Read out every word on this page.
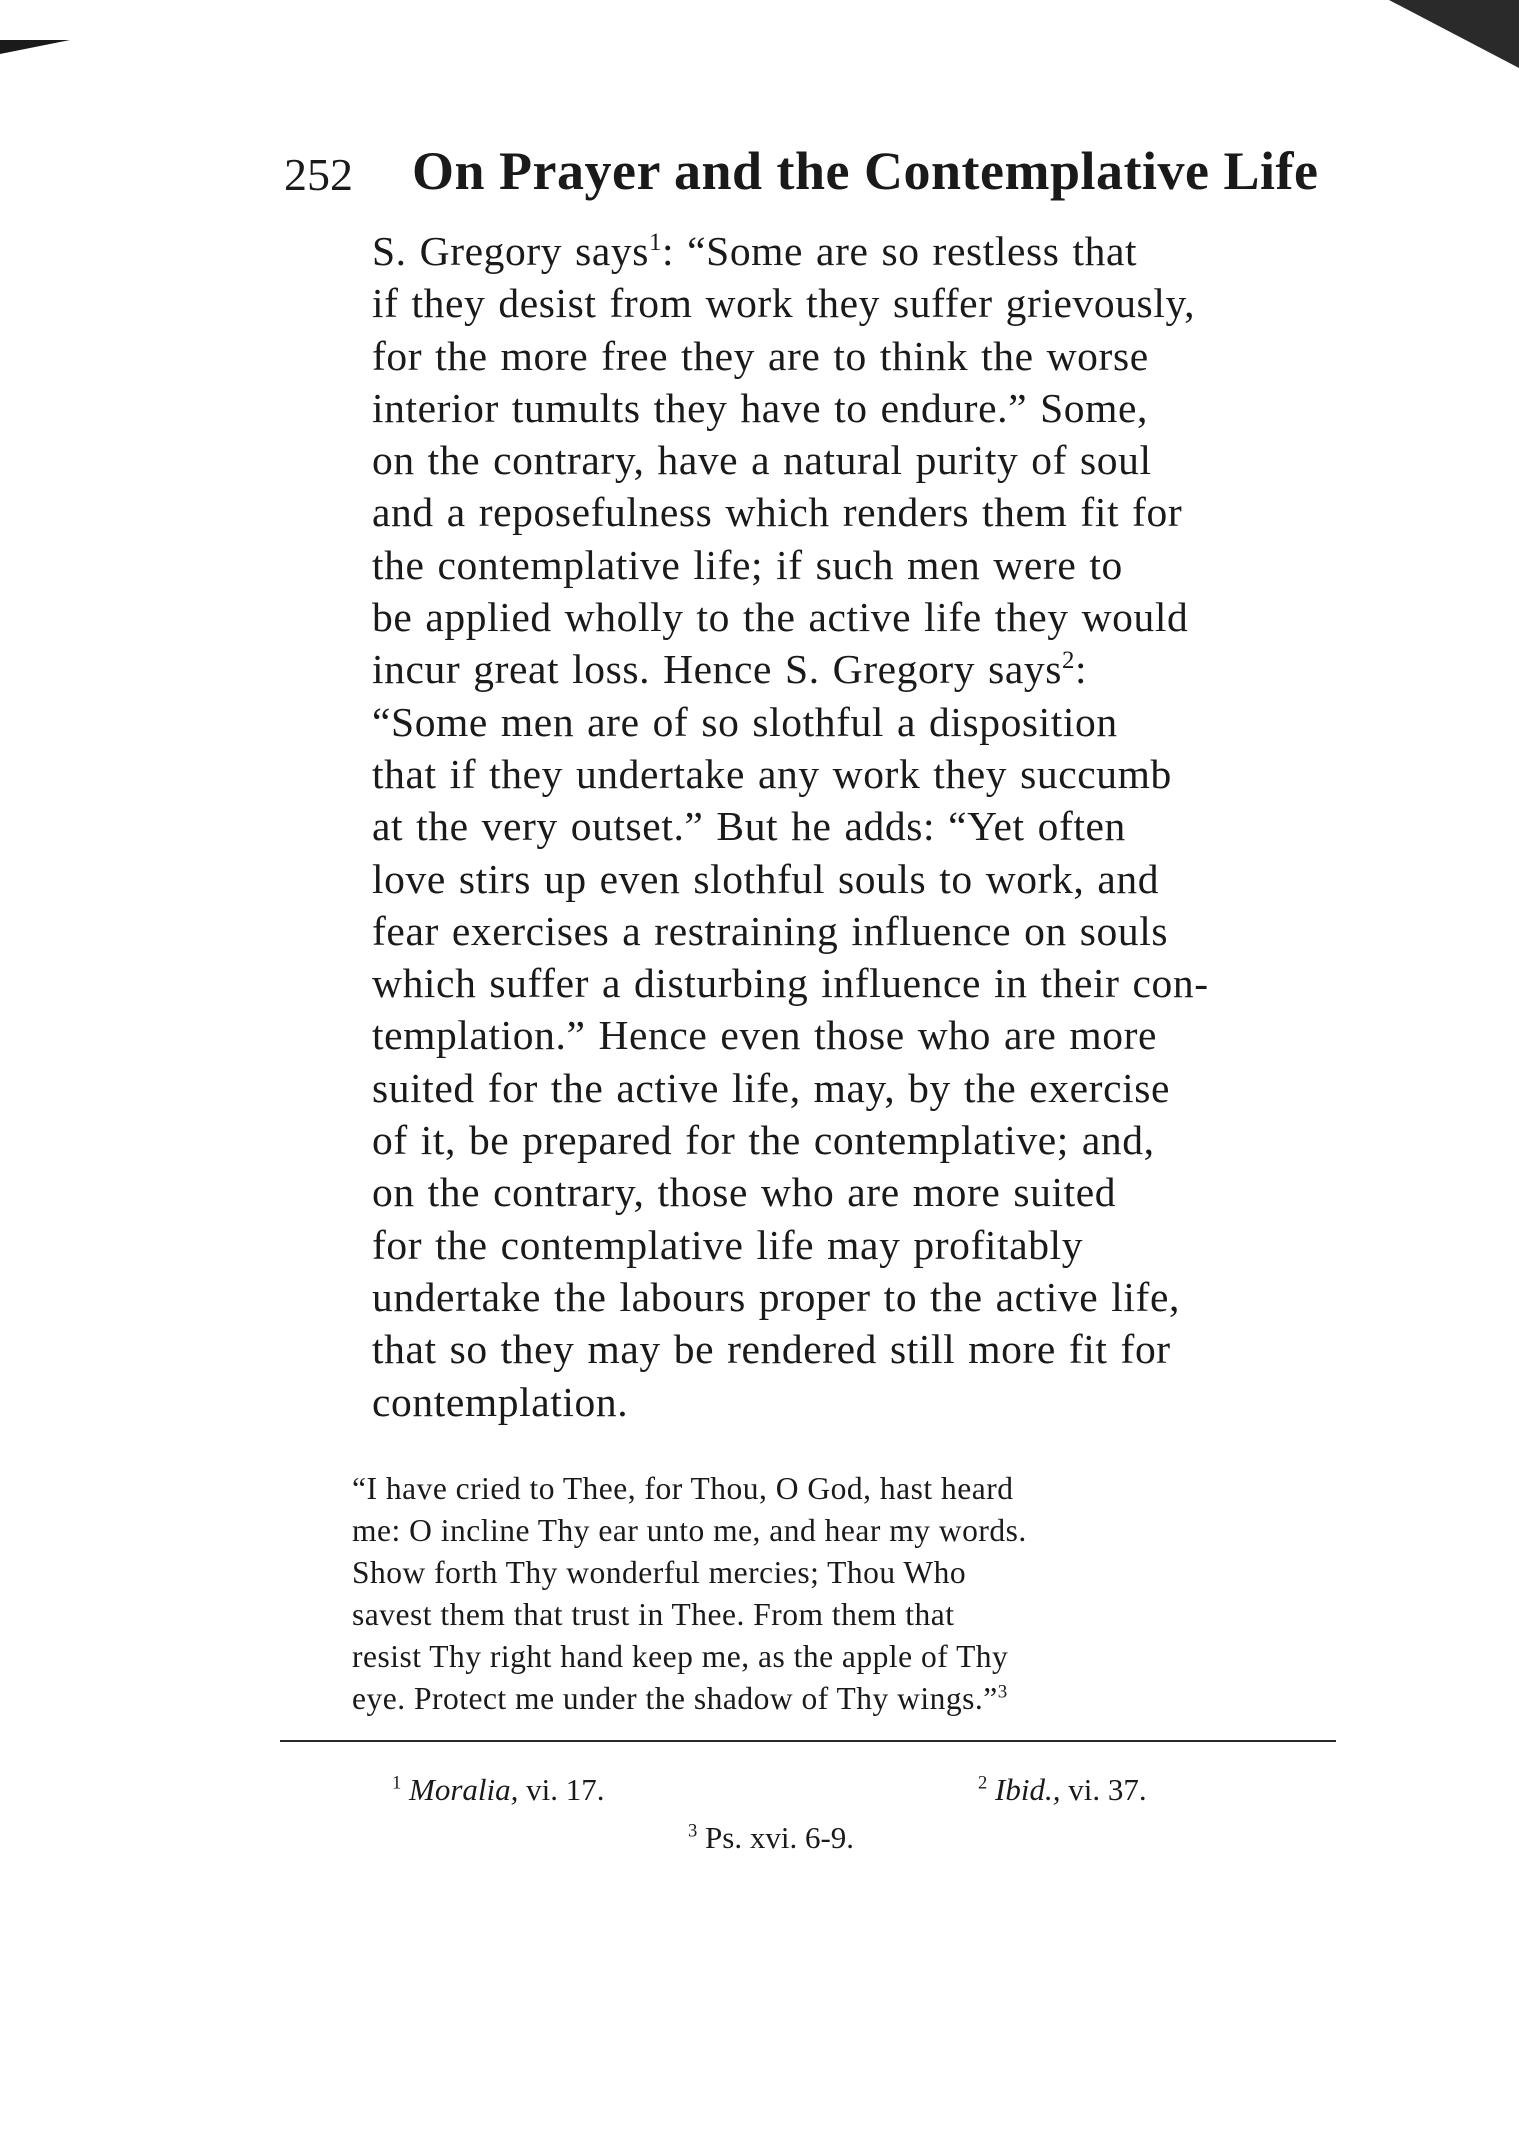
252 On Prayer and the Contemplative Life
S. Gregory says$^1$: “Some are so restless that
if they desist from work they suffer grievously,
for the more free they are to think the worse
interior tumults they have to endure.” Some,
on the contrary, have a natural purity of soul
and a reposefulness which renders them fit for
the contemplative life; if such men were to
be applied wholly to the active life they would
incur great loss. Hence S. Gregory says$^2$:
“Some men are of so slothful a disposition
that if they undertake any work they succumb
at the very outset.” But he adds: “Yet often
love stirs up even slothful souls to work, and
fear exercises a restraining influence on souls
which suffer a disturbing influence in their con-
templation.” Hence even those who are more
suited for the active life, may, by the exercise
of it, be prepared for the contemplative; and,
on the contrary, those who are more suited
for the contemplative life may profitably
undertake the labours proper to the active life,
that so they may be rendered still more fit for
contemplation.
“I have cried to Thee, for Thou, O God, hast heard
me: O incline Thy ear unto me, and hear my words.
Show forth Thy wonderful mercies; Thou Who
savest them that trust in Thee. From them that
resist Thy right hand keep me, as the apple of Thy
eye. Protect me under the shadow of Thy wings.”$^3$
$^1$ Moralia, vi. 17.	$^2$ Ibid., vi. 37.
$^3$ Ps. xvi. 6-9.
